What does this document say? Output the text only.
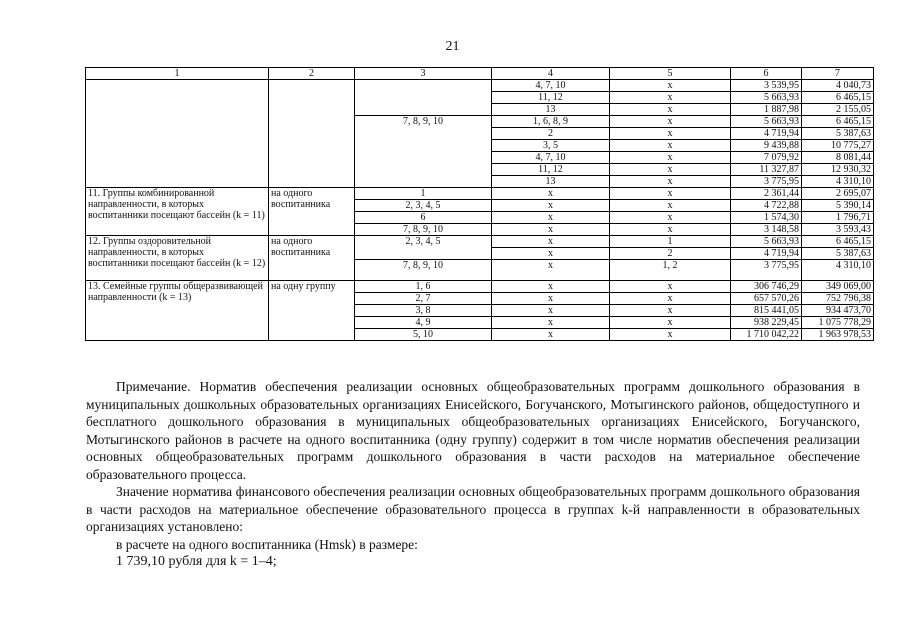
21
1	2	3	4	5	6	7
			4, 7, 10	x	3 539,95	4 040,73
			11, 12	x	5 663,93	6 465,15
			13	x	1 887,98	2 155,05
		7, 8, 9, 10	1, 6, 8, 9	x	5 663,93	6 465,15
			2	x	4 719,94	5 387,63
			3, 5	x	9 439,88	10 775,27
			4, 7, 10	x	7 079,92	8 081,44
			11, 12	x	11 327,87	12 930,32
			13	x	3 775,95	4 310,10
11. Группы комбинированной направленности, в которых воспитанники посещают бассейн (k = 11)	на одного воспитанника	1	x	x	2 361,44	2 695,07
		2, 3, 4, 5	x	x	4 722,88	5 390,14
		6	x	x	1 574,30	1 796,71
		7, 8, 9, 10	x	x	3 148,58	3 593,43
12. Группы оздоровительной направленности, в которых воспитанники посещают бассейн (k = 12)	на одного воспитанника	2, 3, 4, 5	x	1	5 663,93	6 465,15
			x	2	4 719,94	5 387,63
		7, 8, 9, 10	x	1, 2	3 775,95	4 310,10
13. Семейные группы общеразвивающей направленности (k = 13)	на одну группу	1, 6	x	x	306 746,29	349 069,00
		2, 7	x	x	657 570,26	752 796,38
		3, 8	x	x	815 441,05	934 473,70
		4, 9	x	x	938 229,45	1 075 778,29
		5, 10	x	x	1 710 042,22	1 963 978,53

Примечание. Норматив обеспечения реализации основных общеобразовательных программ дошкольного образования в муниципальных дошкольных образовательных организациях Енисейского, Богучанского, Мотыгинского районов, общедоступного и бесплатного дошкольного образования в муниципальных общеобразовательных организациях Енисейского, Богучанского, Мотыгинского районов в расчете на одного воспитанника (одну группу) содержит в том числе норматив обеспечения реализации основных общеобразовательных программ дошкольного образования в части расходов на материальное обеспечение образовательного процесса.

Значение норматива финансового обеспечения реализации основных общеобразовательных программ дошкольного образования в части расходов на материальное обеспечение образовательного процесса в группах k-й направленности в образовательных организациях установлено:

в расчете на одного воспитанника (Hmsk) в размере:

1 739,10 рубля для k = 1–4;
